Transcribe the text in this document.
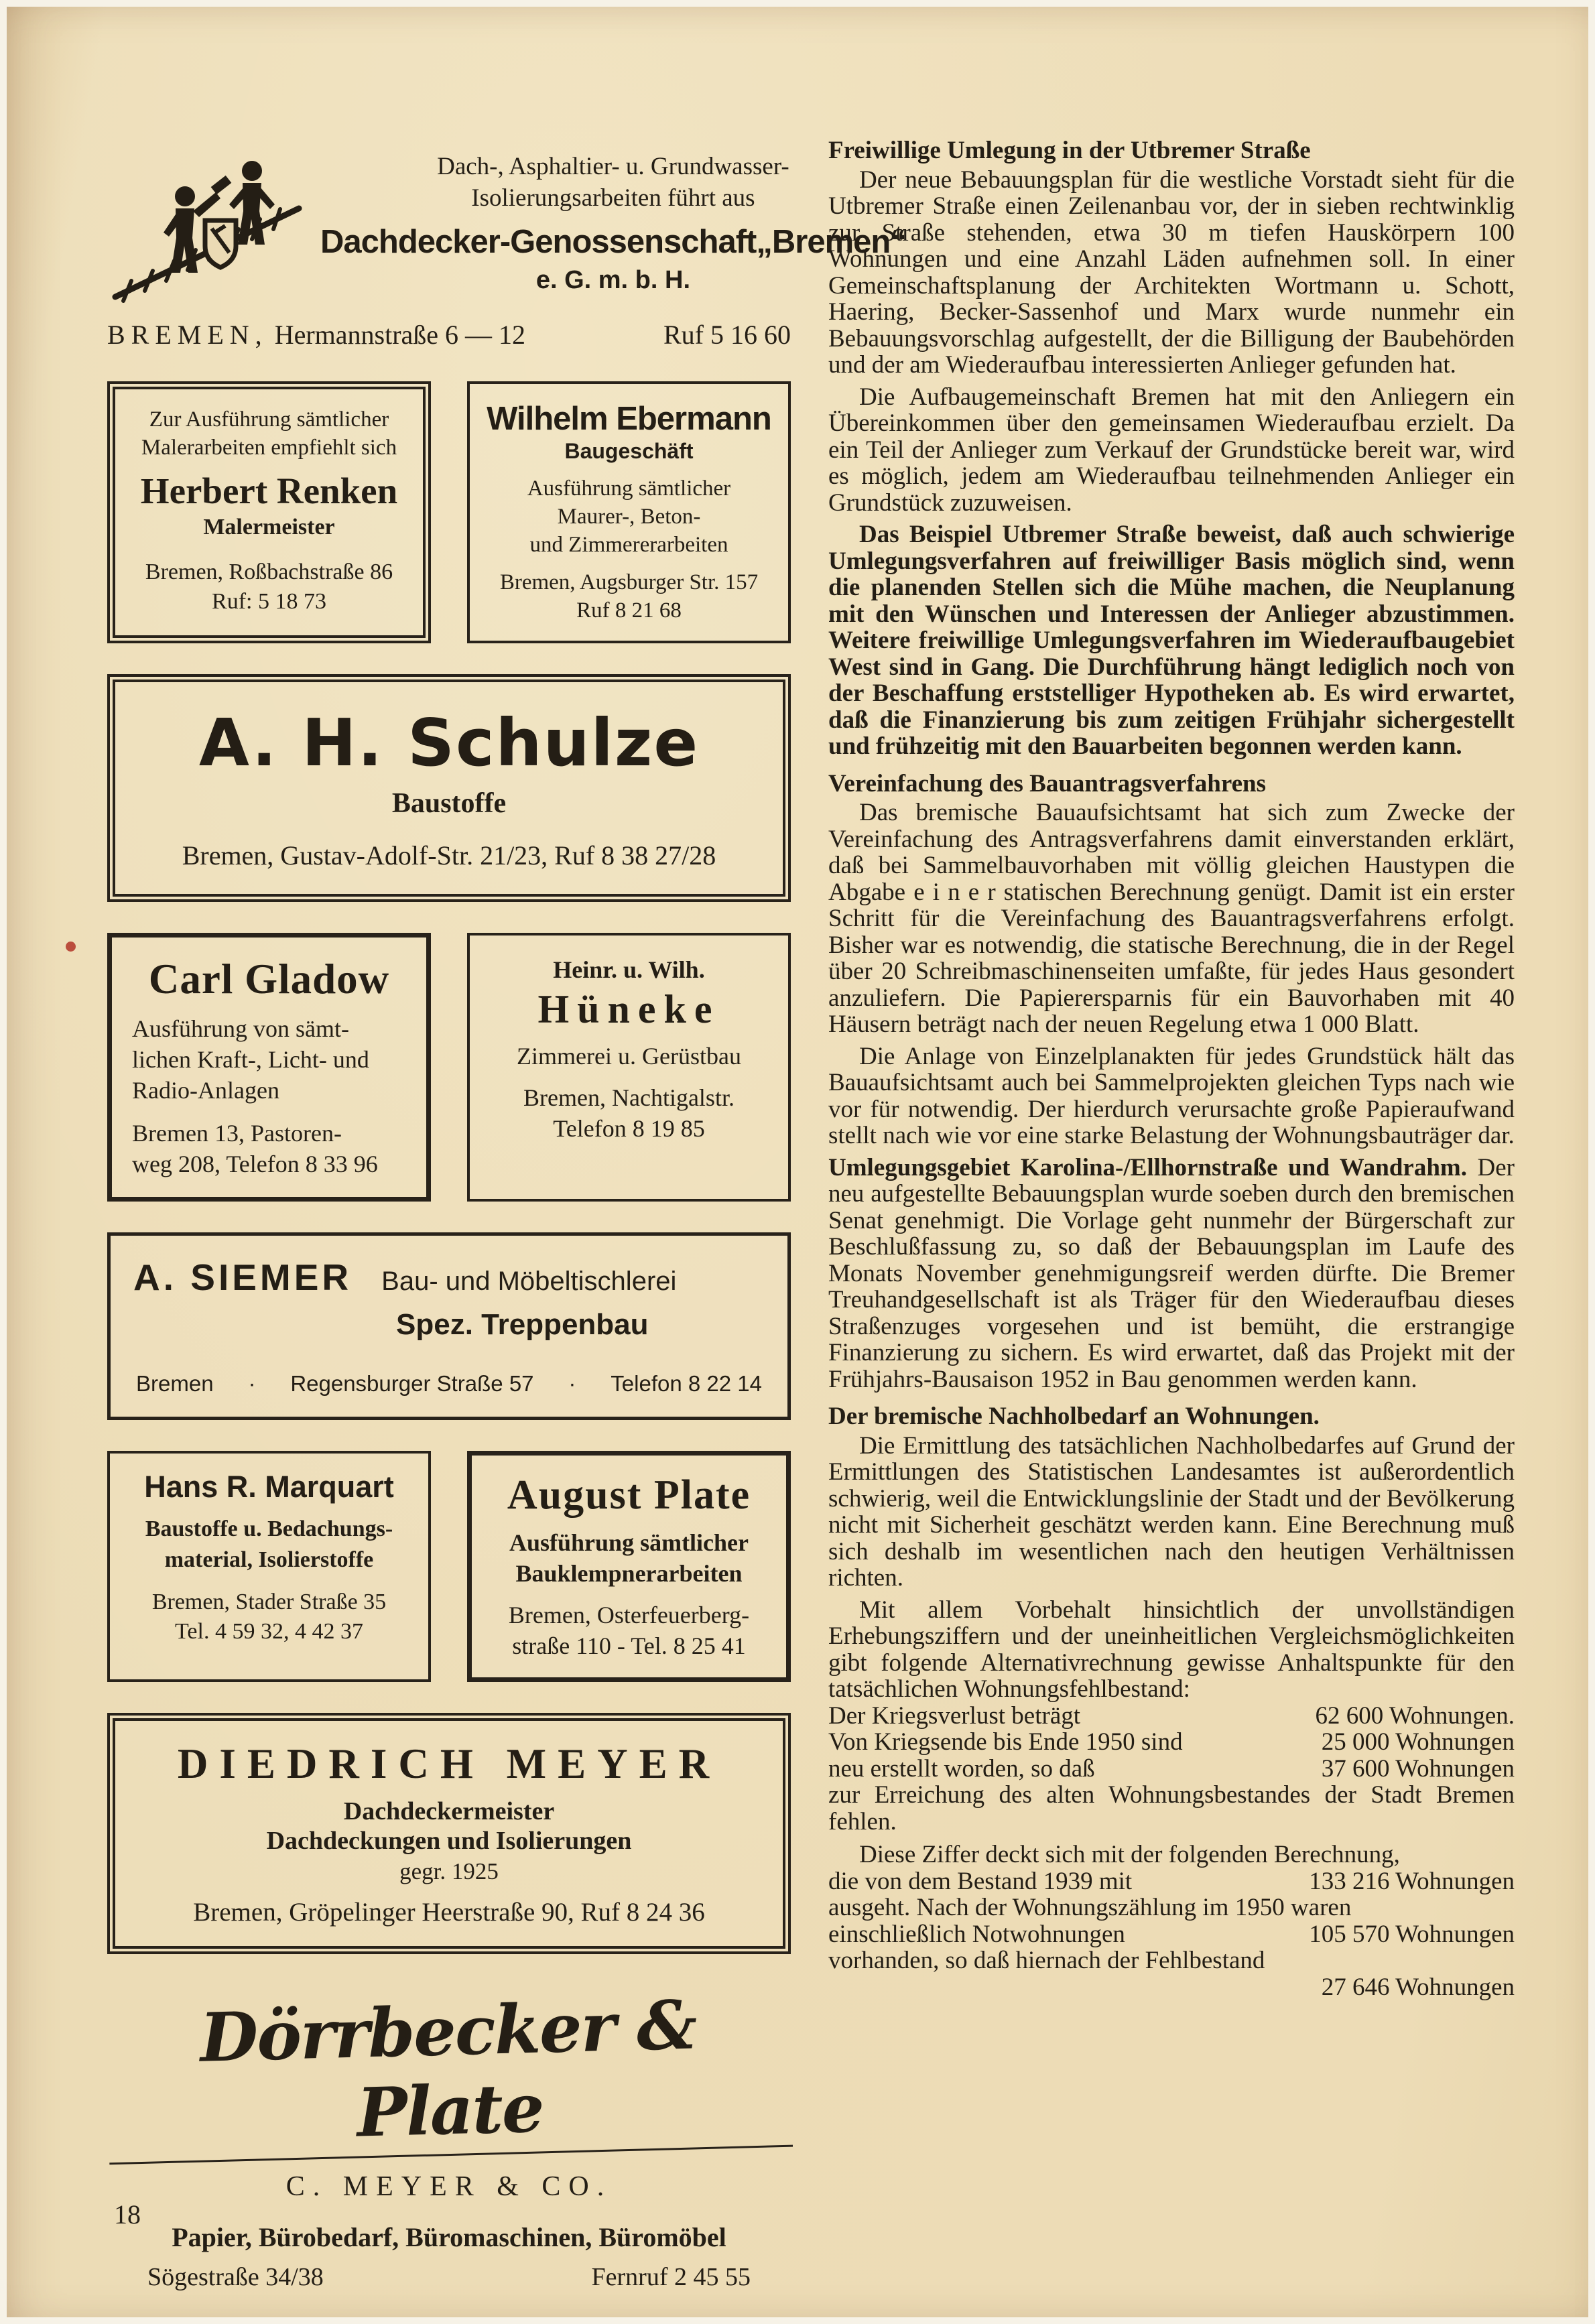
Dach-, Asphaltier- u. Grundwasser-
Isolierungsarbeiten führt aus
Dachdecker-Genossenschaft„Bremen“
e. G. m. b. H.
BREMEN, Hermannstraße 6 — 12	Ruf 5 16 60
Zur Ausführung sämtlicher
Malerarbeiten empfiehlt sich
Herbert Renken
Malermeister
Bremen, Roßbachstraße 86
Ruf: 5 18 73
Wilhelm Ebermann
Baugeschäft
Ausführung sämtlicher
Maurer-, Beton-
und Zimmererarbeiten
Bremen, Augsburger Str. 157
Ruf 8 21 68
A. H. Schulze
Baustoffe
Bremen, Gustav-Adolf-Str. 21/23, Ruf 8 38 27/28
Carl Gladow
Ausführung von sämt-
lichen Kraft-, Licht- und
Radio-Anlagen
Bremen 13, Pastoren-
weg 208, Telefon 8 33 96
Heinr. u. Wilh.
Hüneke
Zimmerei u. Gerüstbau
Bremen, Nachtigalstr.
Telefon 8 19 85
A. SIEMER Bau- und Möbeltischlerei
Spez. Treppenbau
Bremen · Regensburger Straße 57 · Telefon 8 22 14
Hans R. Marquart
Baustoffe u. Bedachungs-
material, Isolierstoffe
Bremen, Stader Straße 35
Tel. 4 59 32, 4 42 37
August Plate
Ausführung sämtlicher
Bauklempnerarbeiten
Bremen, Osterfeuerberg-
straße 110 - Tel. 8 25 41
DIEDRICH MEYER
Dachdeckermeister
Dachdeckungen und Isolierungen
gegr. 1925
Bremen, Gröpelinger Heerstraße 90, Ruf 8 24 36
Dörrbecker & Plate
C. MEYER & CO.
Papier, Bürobedarf, Büromaschinen, Büromöbel
Sögestraße 34/38	Fernruf 2 45 55
Freiwillige Umlegung in der Utbremer Straße

Der neue Bebauungsplan für die westliche Vorstadt sieht für die Utbremer Straße einen Zeilenanbau vor, der in sieben rechtwinklig zur Straße stehenden, etwa 30 m tiefen Hauskörpern 100 Wohnungen und eine Anzahl Läden aufnehmen soll. In einer Gemeinschaftsplanung der Architekten Wortmann u. Schott, Haering, Becker-Sassenhof und Marx wurde nunmehr ein Bebauungsvorschlag aufgestellt, der die Billigung der Baubehörden und der am Wiederaufbau interessierten Anlieger gefunden hat.

Die Aufbaugemeinschaft Bremen hat mit den Anliegern ein Übereinkommen über den gemeinsamen Wiederaufbau erzielt. Da ein Teil der Anlieger zum Verkauf der Grundstücke bereit war, wird es möglich, jedem am Wiederaufbau teilnehmenden Anlieger ein Grundstück zuzuweisen.

Das Beispiel Utbremer Straße beweist, daß auch schwierige Umlegungsverfahren auf freiwilliger Basis möglich sind, wenn die planenden Stellen sich die Mühe machen, die Neuplanung mit den Wünschen und Interessen der Anlieger abzustimmen. Weitere freiwillige Umlegungsverfahren im Wiederaufbaugebiet West sind in Gang. Die Durchführung hängt lediglich noch von der Beschaffung erststelliger Hypotheken ab. Es wird erwartet, daß die Finanzierung bis zum zeitigen Frühjahr sichergestellt und frühzeitig mit den Bauarbeiten begonnen werden kann.

Vereinfachung des Bauantragsverfahrens

Das bremische Bauaufsichtsamt hat sich zum Zwecke der Vereinfachung des Antragsverfahrens damit einverstanden erklärt, daß bei Sammelbauvorhaben mit völlig gleichen Haustypen die Abgabe e i n e r statischen Berechnung genügt. Damit ist ein erster Schritt für die Vereinfachung des Bauantragsverfahrens erfolgt. Bisher war es notwendig, die statische Berechnung, die in der Regel über 20 Schreibmaschinenseiten umfaßte, für jedes Haus gesondert anzuliefern. Die Papierersparnis für ein Bauvorhaben mit 40 Häusern beträgt nach der neuen Regelung etwa 1 000 Blatt.

Die Anlage von Einzelplanakten für jedes Grundstück hält das Bauaufsichtsamt auch bei Sammelprojekten gleichen Typs nach wie vor für notwendig. Der hierdurch verursachte große Papieraufwand stellt nach wie vor eine starke Belastung der Wohnungsbauträger dar.

Umlegungsgebiet Karolina-/Ellhornstraße und Wandrahm. Der neu aufgestellte Bebauungsplan wurde soeben durch den bremischen Senat genehmigt. Die Vorlage geht nunmehr der Bürgerschaft zur Beschlußfassung zu, so daß der Bebauungsplan im Laufe des Monats November genehmigungsreif werden dürfte. Die Bremer Treuhandgesellschaft ist als Träger für den Wiederaufbau dieses Straßenzuges vorgesehen und ist bemüht, die erstrangige Finanzierung zu sichern. Es wird erwartet, daß das Projekt mit der Frühjahrs-Bausaison 1952 in Bau genommen werden kann.

Der bremische Nachholbedarf an Wohnungen.

Die Ermittlung des tatsächlichen Nachholbedarfes auf Grund der Ermittlungen des Statistischen Landesamtes ist außerordentlich schwierig, weil die Entwicklungslinie der Stadt und der Bevölkerung nicht mit Sicherheit geschätzt werden kann. Eine Berechnung muß sich deshalb im wesentlichen nach den heutigen Verhältnissen richten.

Mit allem Vorbehalt hinsichtlich der unvollständigen Erhebungsziffern und der uneinheitlichen Vergleichsmöglichkeiten gibt folgende Alternativrechnung gewisse Anhaltspunkte für den tatsächlichen Wohnungsfehlbestand:

Der Kriegsverlust beträgt	62 600 Wohnungen.
Von Kriegsende bis Ende 1950 sind	25 000 Wohnungen
neu erstellt worden, so daß	37 600 Wohnungen

zur Erreichung des alten Wohnungsbestandes der Stadt Bremen fehlen.

Diese Ziffer deckt sich mit der folgenden Berechnung,

die von dem Bestand 1939 mit	133 216 Wohnungen

ausgeht. Nach der Wohnungszählung im 1950 waren

einschließlich Notwohnungen	105 570 Wohnungen

vorhanden, so daß hiernach der Fehlbestand

27 646 Wohnungen
18
